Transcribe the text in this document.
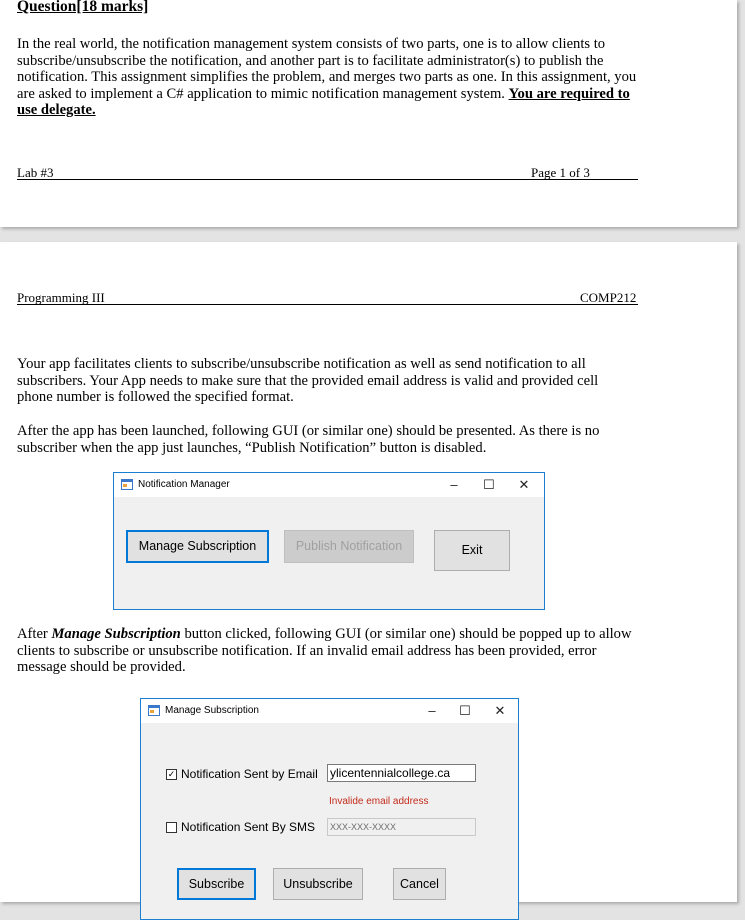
Question[18 marks]

In the real world, the notification management system consists of two parts, one is to allow clients to subscribe/unsubscribe the notification, and another part is to facilitate administrator(s) to publish the notification. This assignment simplifies the problem, and merges two parts as one. In this assignment, you are asked to implement a C# application to mimic notification management system. You are required to use delegate.

Lab #3	Page 1 of 3
Programming III	COMP212

Your app facilitates clients to subscribe/unsubscribe notification as well as send notification to all subscribers. Your App needs to make sure that the provided email address is valid and provided cell phone number is followed the specified format.

After the app has been launched, following GUI (or similar one) should be presented. As there is no subscriber when the app just launches, “Publish Notification” button is disabled.

Notification Manager	–	☐	✕
Manage Subscription	Publish Notification	Exit

After Manage Subscription button clicked, following GUI (or similar one) should be popped up to allow clients to subscribe or unsubscribe notification. If an invalid email address has been provided, error message should be provided.

Manage Subscription	–	☐	✕
✓ Notification Sent by Email ylicentennialcollege.ca
Invalide email address
Notification Sent By SMS	XXX-XXX-XXXX
Subscribe	Unsubscribe	Cancel
